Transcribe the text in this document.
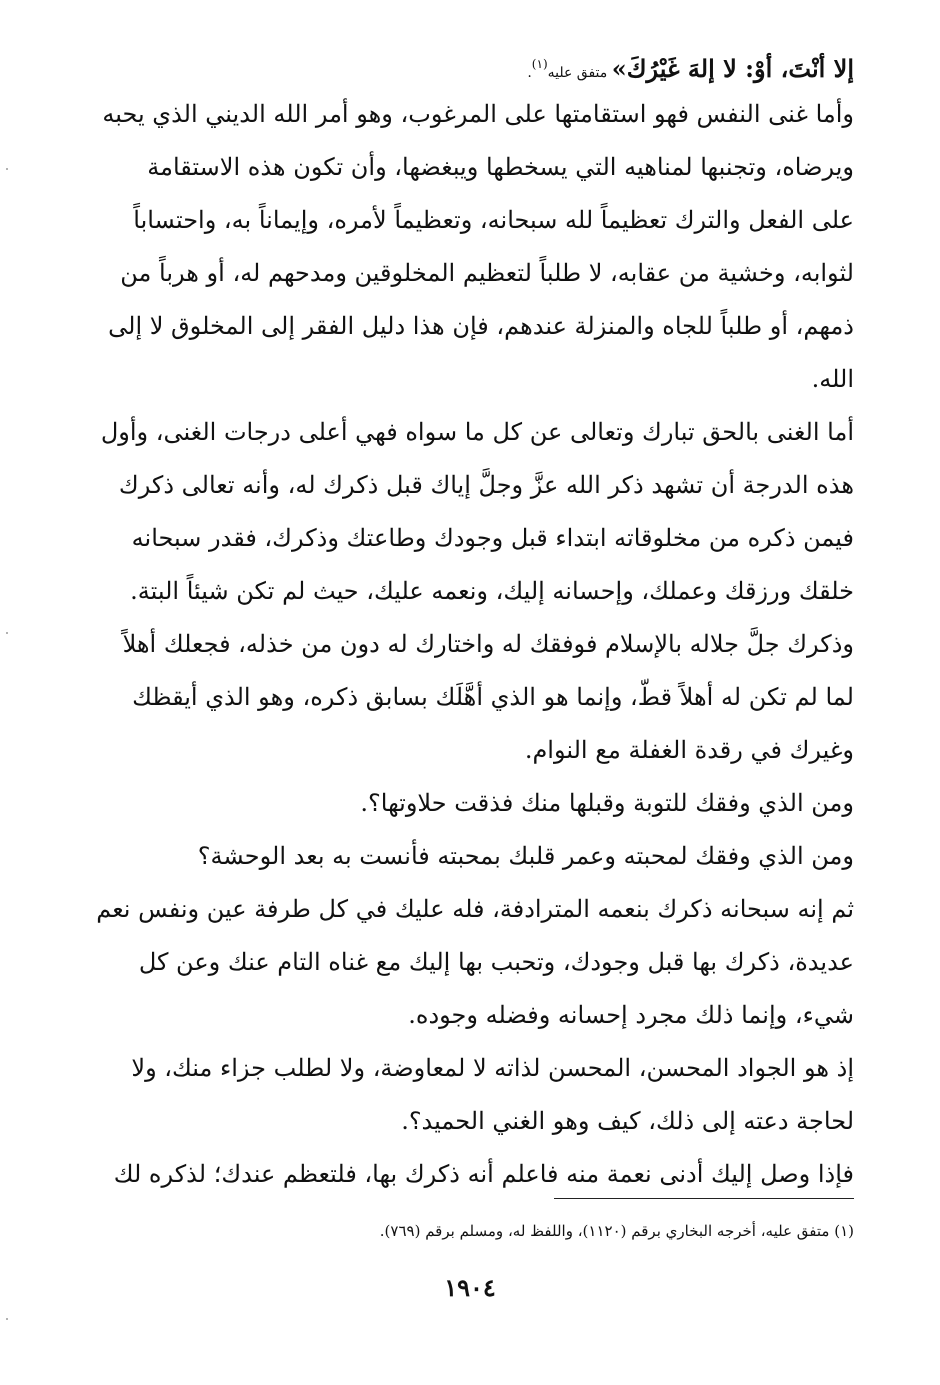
إلا أنْتَ، أوْ: لا إلهَ غَيْرُكَ» متفق عليه$^{(١)}$.
وأما غنى النفس فهو استقامتها على المرغوب، وهو أمر الله الديني الذي يحبه
ويرضاه، وتجنبها لمناهيه التي يسخطها ويبغضها، وأن تكون هذه الاستقامة
على الفعل والترك تعظيماً لله سبحانه، وتعظيماً لأمره، وإيماناً به، واحتساباً
لثوابه، وخشية من عقابه، لا طلباً لتعظيم المخلوقين ومدحهم له، أو هرباً من
ذمهم، أو طلباً للجاه والمنزلة عندهم، فإن هذا دليل الفقر إلى المخلوق لا إلى
الله.
أما الغنى بالحق تبارك وتعالى عن كل ما سواه فهي أعلى درجات الغنى، وأول
هذه الدرجة أن تشهد ذكر الله عزَّ وجلَّ إياك قبل ذكرك له، وأنه تعالى ذكرك
فيمن ذكره من مخلوقاته ابتداء قبل وجودك وطاعتك وذكرك، فقدر سبحانه
خلقك ورزقك وعملك، وإحسانه إليك، ونعمه عليك، حيث لم تكن شيئاً البتة.
وذكرك جلَّ جلاله بالإسلام فوفقك له واختارك له دون من خذله، فجعلك أهلاً
لما لم تكن له أهلاً قطّ، وإنما هو الذي أهَّلَك بسابق ذكره، وهو الذي أيقظك
وغيرك في رقدة الغفلة مع النوام.
ومن الذي وفقك للتوبة وقبلها منك فذقت حلاوتها؟.
ومن الذي وفقك لمحبته وعمر قلبك بمحبته فأنست به بعد الوحشة؟
ثم إنه سبحانه ذكرك بنعمه المترادفة، فله عليك في كل طرفة عين ونفس نعم
عديدة، ذكرك بها قبل وجودك، وتحبب بها إليك مع غناه التام عنك وعن كل
شيء، وإنما ذلك مجرد إحسانه وفضله وجوده.
إذ هو الجواد المحسن، المحسن لذاته لا لمعاوضة، ولا لطلب جزاء منك، ولا
لحاجة دعته إلى ذلك، كيف وهو الغني الحميد؟.
فإذا وصل إليك أدنى نعمة منه فاعلم أنه ذكرك بها، فلتعظم عندك؛ لذكره لك
(١) متفق عليه، أخرجه البخاري برقم (١١٢٠)، واللفظ له، ومسلم برقم (٧٦٩).
١٩٠٤
